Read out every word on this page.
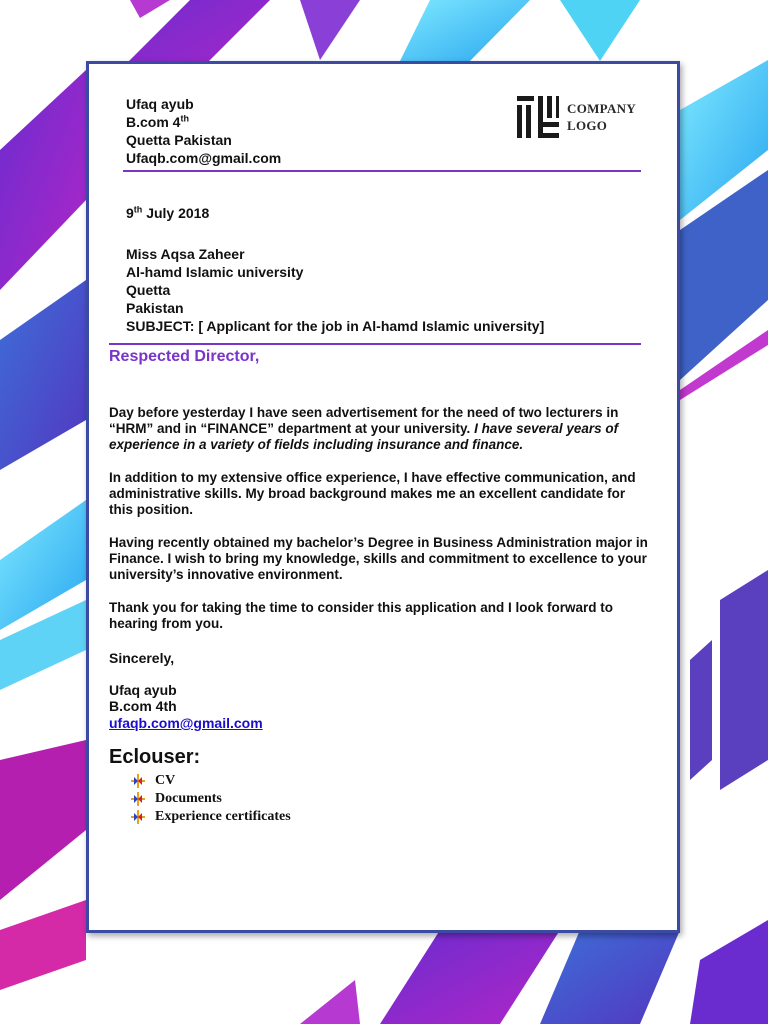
Ufaq ayub
B.com 4th
Quetta Pakistan
Ufaqb.com@gmail.com
COMPANY
LOGO
9th July 2018
Miss Aqsa Zaheer
Al-hamd Islamic university
Quetta
Pakistan
SUBJECT: [ Applicant for the job in Al-hamd Islamic university]
Respected Director,

Day before yesterday I have seen advertisement for the need of two lecturers in “HRM” and in “FINANCE” department at your university. I have several years of experience in a variety of fields including insurance and finance.

In addition to my extensive office experience, I have effective communication, and administrative skills. My broad background makes me an excellent candidate for this position.

Having recently obtained my bachelor’s Degree in Business Administration major in Finance. I wish to bring my knowledge, skills and commitment to excellence to your university’s innovative environment.

Thank you for taking the time to consider this application and I look forward to hearing from you.

Sincerely,
Ufaq ayub
B.com 4th
ufaqb.com@gmail.com
Eclouser:
CV
Documents
Experience certificates
